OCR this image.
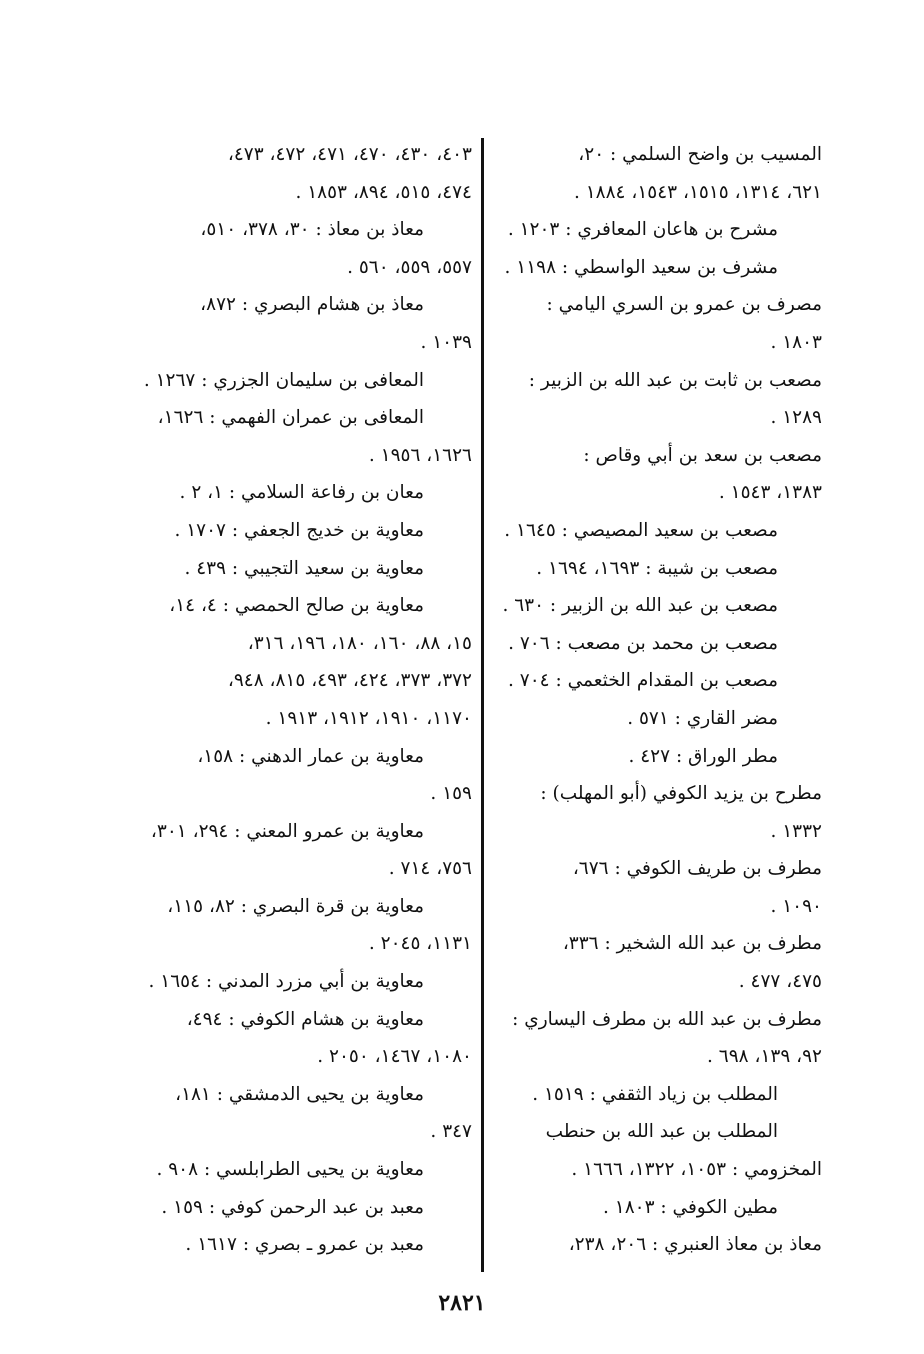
المسيب بن واضح السلمي : ٢٠،
٦٢١، ١٣١٤، ١٥١٥، ١٥٤٣، ١٨٨٤ .
مشرح بن هاعان المعافري : ١٢٠٣ .
مشرف بن سعيد الواسطي : ١١٩٨ .
مصرف بن عمرو بن السري اليامي :
١٨٠٣ .
مصعب بن ثابت بن عبد الله بن الزبير :
١٢٨٩ .
مصعب بن سعد بن أبي وقاص :
١٣٨٣، ١٥٤٣ .
مصعب بن سعيد المصيصي : ١٦٤٥ .
مصعب بن شيبة : ١٦٩٣، ١٦٩٤ .
مصعب بن عبد الله بن الزبير : ٦٣٠ .
مصعب بن محمد بن مصعب : ٧٠٦ .
مصعب بن المقدام الخثعمي : ٧٠٤ .
مضر القاري : ٥٧١ .
مطر الوراق : ٤٢٧ .
مطرح بن يزيد الكوفي (أبو المهلب) :
١٣٣٢ .
مطرف بن طريف الكوفي : ٦٧٦،
١٠٩٠ .
مطرف بن عبد الله الشخير : ٣٣٦،
٤٧٥، ٤٧٧ .
مطرف بن عبد الله بن مطرف اليساري :
٩٢، ١٣٩، ٦٩٨ .
المطلب بن زياد الثقفي : ١٥١٩ .
المطلب بن عبد الله بن حنطب
المخزومي : ١٠٥٣، ١٣٢٢، ١٦٦٦ .
مطين الكوفي : ١٨٠٣ .
معاذ بن معاذ العنبري : ٢٠٦، ٢٣٨،
٤٠٣، ٤٣٠، ٤٧٠، ٤٧١، ٤٧٢، ٤٧٣،
٤٧٤، ٥١٥، ٨٩٤، ١٨٥٣ .
معاذ بن معاذ : ٣٠، ٣٧٨، ٥١٠،
٥٥٧، ٥٥٩، ٥٦٠ .
معاذ بن هشام البصري : ٨٧٢،
١٠٣٩ .
المعافى بن سليمان الجزري : ١٢٦٧ .
المعافى بن عمران الفهمي : ١٦٢٦،
١٦٢٦، ١٩٥٦ .
معان بن رفاعة السلامي : ١، ٢ .
معاوية بن خديج الجعفي : ١٧٠٧ .
معاوية بن سعيد التجيبي : ٤٣٩ .
معاوية بن صالح الحمصي : ٤، ١٤،
١٥، ٨٨، ١٦٠، ١٨٠، ١٩٦، ٣١٦،
٣٧٢، ٣٧٣، ٤٢٤، ٤٩٣، ٨١٥، ٩٤٨،
١١٧٠، ١٩١٠، ١٩١٢، ١٩١٣ .
معاوية بن عمار الدهني : ١٥٨،
١٥٩ .
معاوية بن عمرو المعني : ٢٩٤، ٣٠١،
٧٥٦، ٧١٤ .
معاوية بن قرة البصري : ٨٢، ١١٥،
١١٣١، ٢٠٤٥ .
معاوية بن أبي مزرد المدني : ١٦٥٤ .
معاوية بن هشام الكوفي : ٤٩٤،
١٠٨٠، ١٤٦٧، ٢٠٥٠ .
معاوية بن يحيى الدمشقي : ١٨١،
٣٤٧ .
معاوية بن يحيى الطرابلسي : ٩٠٨ .
معبد بن عبد الرحمن كوفي : ١٥٩ .
معبد بن عمرو ـ بصري : ١٦١٧ .
٢٨٢١
